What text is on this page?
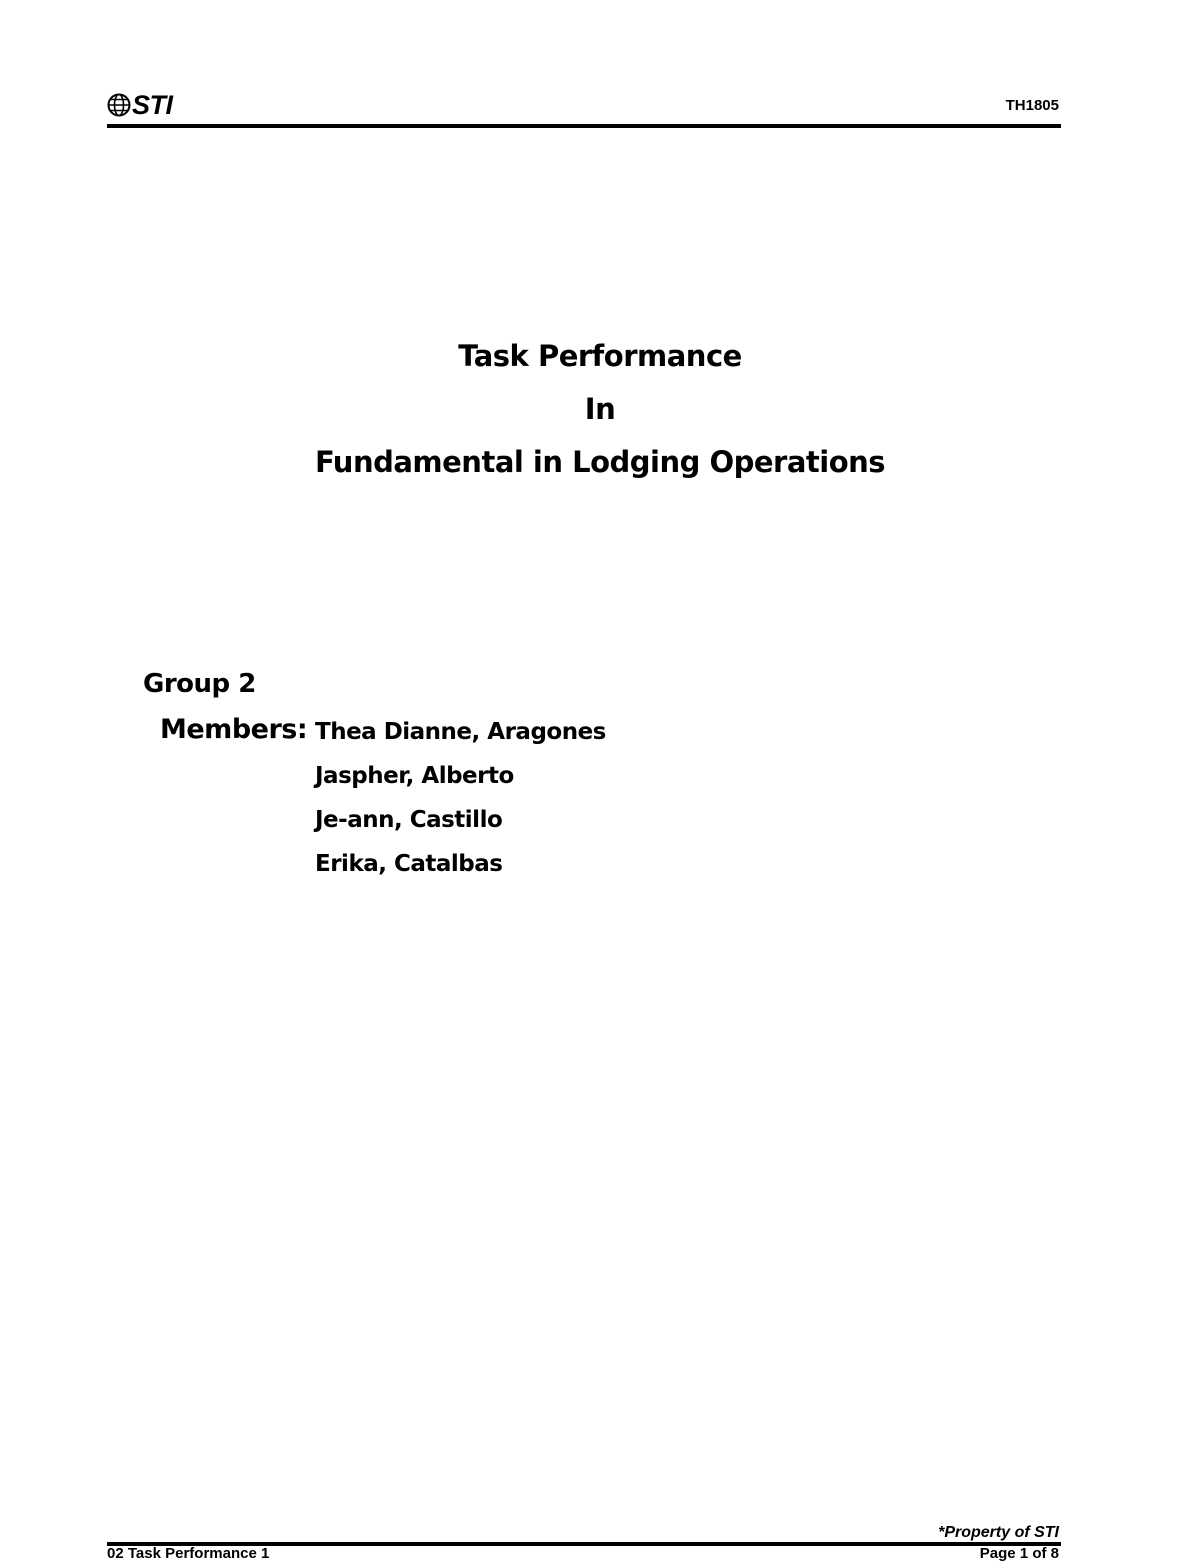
STI	TH1805
Task Performance
In
Fundamental in Lodging Operations
Group 2
Members: Thea Dianne, Aragones
Jaspher, Alberto
Je-ann, Castillo
Erika, Catalbas
*Property of STI
02 Task Performance 1	Page 1 of 8
